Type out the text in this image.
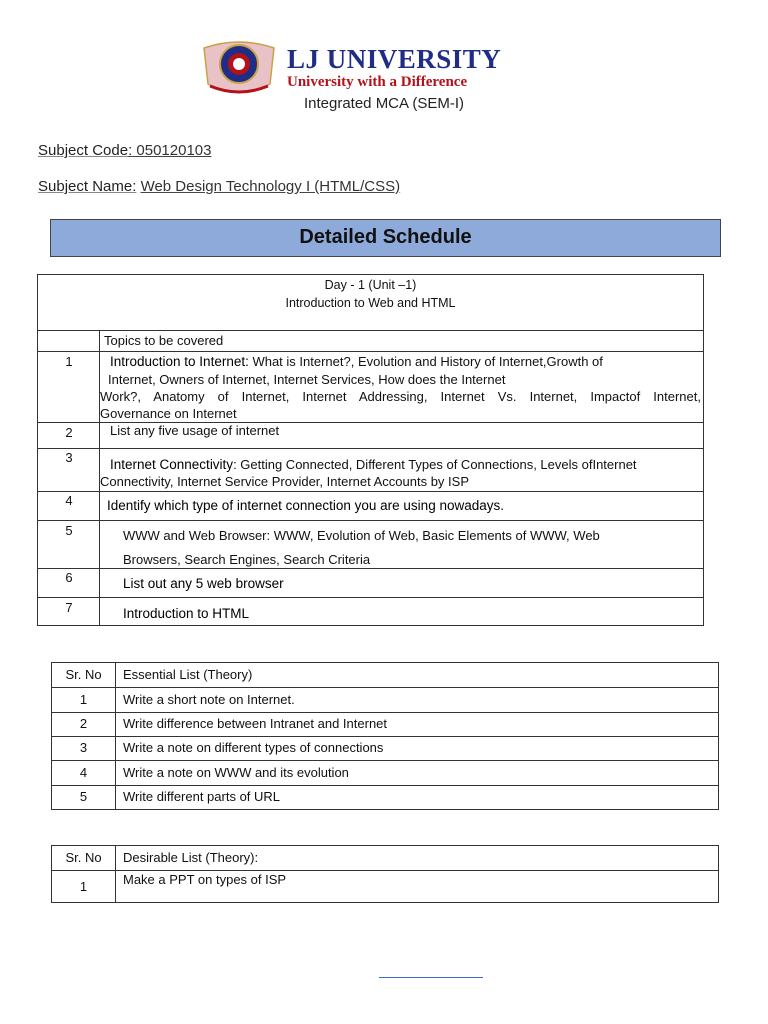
LJ UNIVERSITY
University with a Difference
Integrated MCA (SEM-I)
Subject Code: 050120103
Subject Name: Web Design Technology I (HTML/CSS)
Detailed Schedule
Day - 1 (Unit –1)
Introduction to Web and HTML
Topics to be covered
1	Introduction to Internet: What is Internet?, Evolution and History of Internet,Growth of
Internet, Owners of Internet, Internet Services, How does the Internet
Work?, Anatomy of Internet, Internet Addressing, Internet Vs. Internet, Impactof Internet,
Governance on Internet
2	List any five usage of internet
3	Internet Connectivity: Getting Connected, Different Types of Connections, Levels ofInternet
Connectivity, Internet Service Provider, Internet Accounts by ISP
4	Identify which type of internet connection you are using nowadays.
5	WWW and Web Browser: WWW, Evolution of Web, Basic Elements of WWW, Web
Browsers, Search Engines, Search Criteria
6	List out any 5 web browser
7	Introduction to HTML
Sr. No	Essential List (Theory)
1	Write a short note on Internet.
2	Write difference between Intranet and Internet
3	Write a note on different types of connections
4	Write a note on WWW and its evolution
5	Write different parts of URL
Sr. No	Desirable List (Theory):
1	Make a PPT on types of ISP
